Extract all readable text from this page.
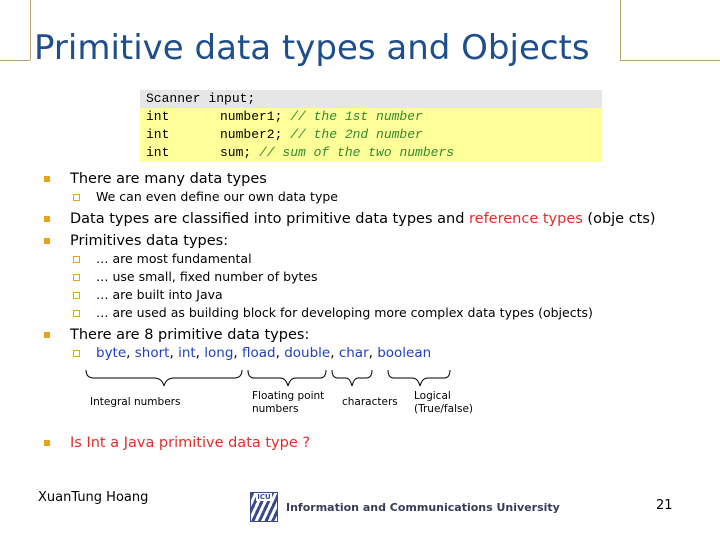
Primitive data types and Objects
Scanner input;
int	number1; // the 1st number
int	number2; // the 2nd number
int	sum; // sum of the two numbers
There are many data types
We can even define our own data type
Data types are classified into primitive data types and reference types (obje cts)
Primitives data types:
… are most fundamental
… use small, fixed number of bytes
… are built into Java
… are used as building block for developing more complex data types (objects)
There are 8 primitive data types:
byte, short, int, long, fload, double, char, boolean
Integral numbers	Floating point numbers
characters Logical (True/false)
Is Int a Java primitive data type ?
XuanTung Hoang	ICU
Information and Communications University	21
